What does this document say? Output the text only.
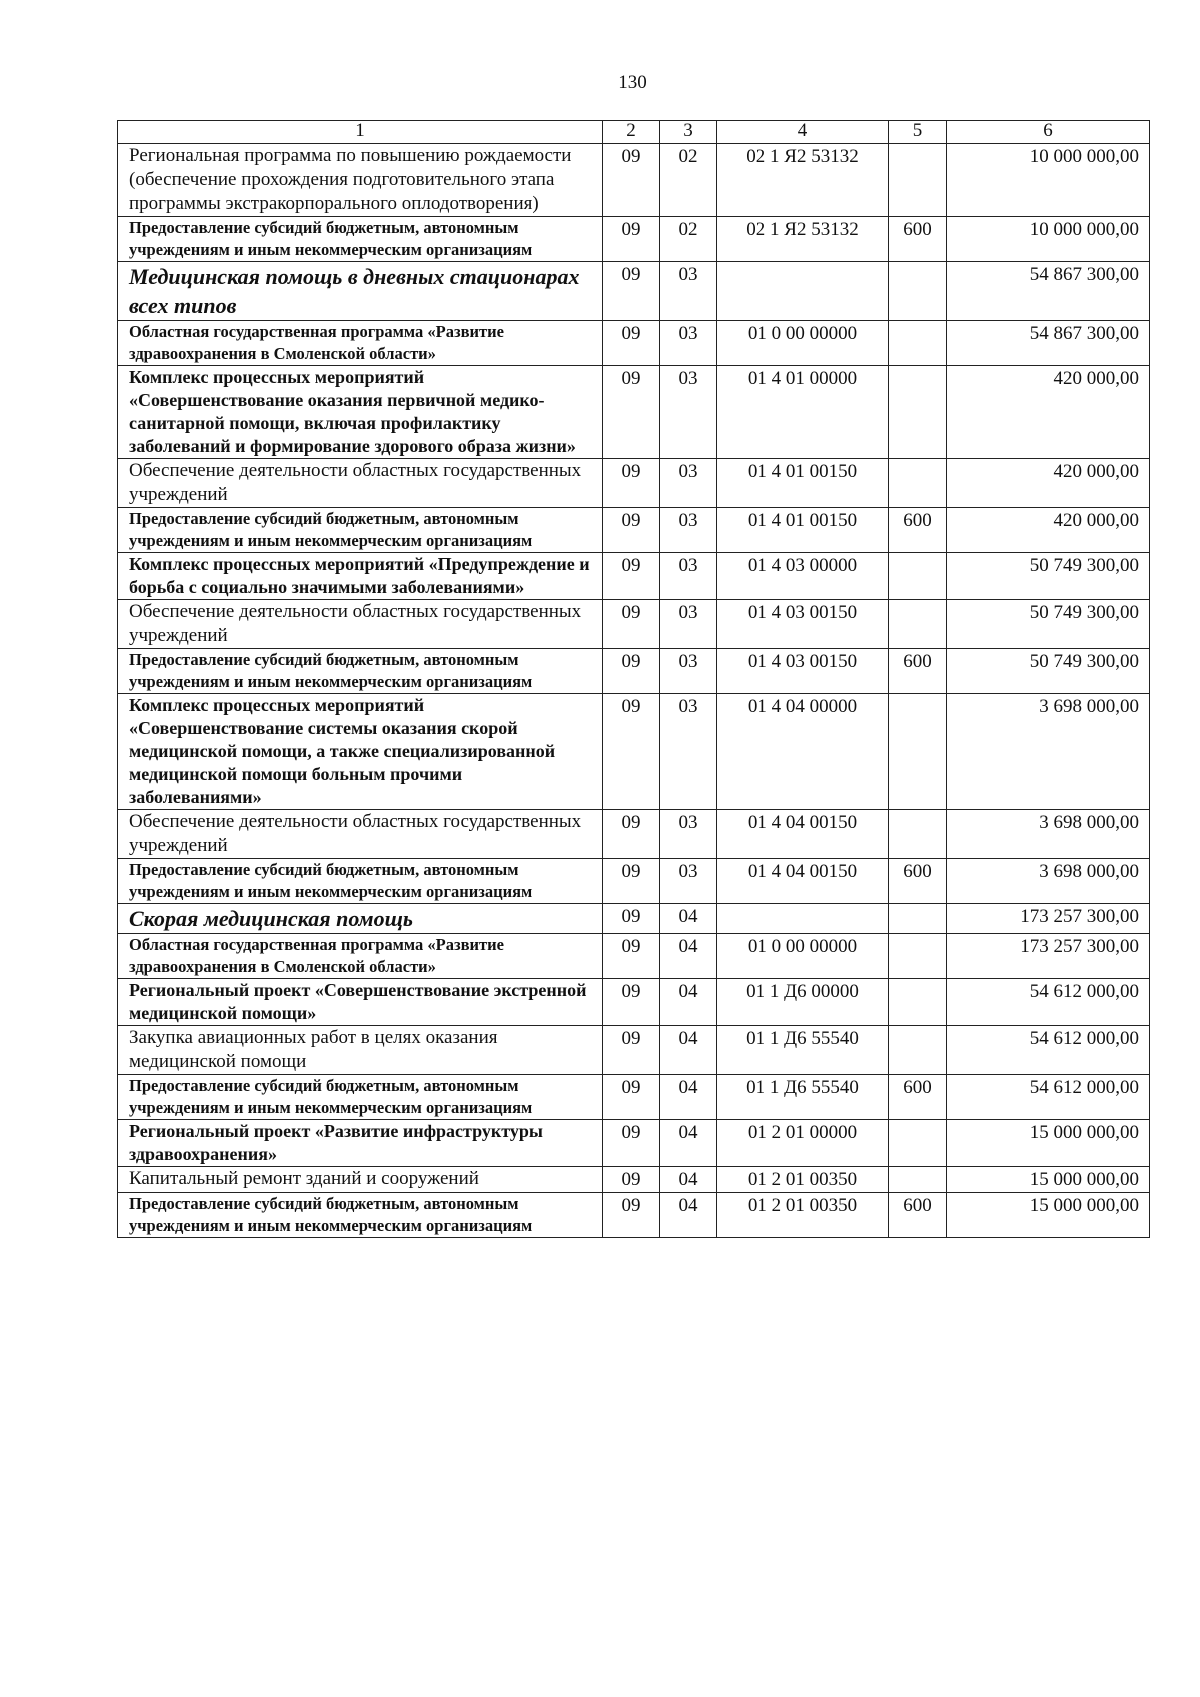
130
1	2	3	4	5	6
Региональная программа по повышению рождаемости (обеспечение прохождения подготовительного этапа программы экстракорпорального оплодотворения)	09	02	02 1 Я2 53132		10 000 000,00
Предоставление субсидий бюджетным, автономным учреждениям и иным некоммерческим организациям	09	02	02 1 Я2 53132	600	10 000 000,00
Медицинская помощь в дневных стационарах всех типов	09	03			54 867 300,00
Областная государственная программа «Развитие здравоохранения в Смоленской области»	09	03	01 0 00 00000		54 867 300,00
Комплекс процессных мероприятий «Совершенствование оказания первичной медико-санитарной помощи, включая профилактику заболеваний и формирование здорового образа жизни»	09	03	01 4 01 00000		420 000,00
Обеспечение деятельности областных государственных учреждений	09	03	01 4 01 00150		420 000,00
Предоставление субсидий бюджетным, автономным учреждениям и иным некоммерческим организациям	09	03	01 4 01 00150	600	420 000,00
Комплекс процессных мероприятий «Предупреждение и борьба с социально значимыми заболеваниями»	09	03	01 4 03 00000		50 749 300,00
Обеспечение деятельности областных государственных учреждений	09	03	01 4 03 00150		50 749 300,00
Предоставление субсидий бюджетным, автономным учреждениям и иным некоммерческим организациям	09	03	01 4 03 00150	600	50 749 300,00
Комплекс процессных мероприятий «Совершенствование системы оказания скорой медицинской помощи, а также специализированной медицинской помощи больным прочими заболеваниями»	09	03	01 4 04 00000		3 698 000,00
Обеспечение деятельности областных государственных учреждений	09	03	01 4 04 00150		3 698 000,00
Предоставление субсидий бюджетным, автономным учреждениям и иным некоммерческим организациям	09	03	01 4 04 00150	600	3 698 000,00
Скорая медицинская помощь	09	04			173 257 300,00
Областная государственная программа «Развитие здравоохранения в Смоленской области»	09	04	01 0 00 00000		173 257 300,00
Региональный проект «Совершенствование экстренной медицинской помощи»	09	04	01 1 Д6 00000		54 612 000,00
Закупка авиационных работ в целях оказания медицинской помощи	09	04	01 1 Д6 55540		54 612 000,00
Предоставление субсидий бюджетным, автономным учреждениям и иным некоммерческим организациям	09	04	01 1 Д6 55540	600	54 612 000,00
Региональный проект «Развитие инфраструктуры здравоохранения»	09	04	01 2 01 00000		15 000 000,00
Капитальный ремонт зданий и сооружений	09	04	01 2 01 00350		15 000 000,00
Предоставление субсидий бюджетным, автономным учреждениям и иным некоммерческим организациям	09	04	01 2 01 00350	600	15 000 000,00
